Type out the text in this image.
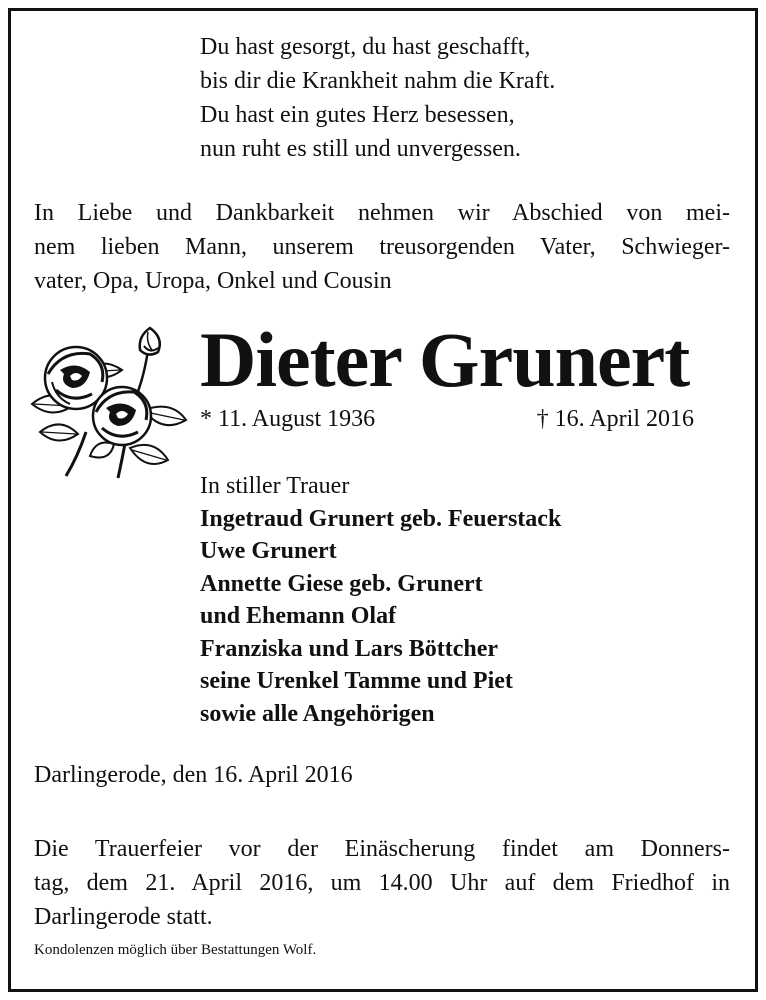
Du hast gesorgt, du hast geschafft,
bis dir die Krankheit nahm die Kraft.
Du hast ein gutes Herz besessen,
nun ruht es still und unvergessen.
In Liebe und Dankbarkeit nehmen wir Abschied von mei-
nem lieben Mann, unserem treusorgenden Vater, Schwieger-
vater, Opa, Uropa, Onkel und Cousin
Dieter Grunert
* 11. August 1936	† 16. April 2016
In stiller Trauer
Ingetraud Grunert geb. Feuerstack
Uwe Grunert
Annette Giese geb. Grunert
und Ehemann Olaf
Franziska und Lars Böttcher
seine Urenkel Tamme und Piet
sowie alle Angehörigen
Darlingerode, den 16. April 2016
Die Trauerfeier vor der Einäscherung findet am Donners-
tag, dem 21. April 2016, um 14.00 Uhr auf dem Friedhof in
Darlingerode statt.
Kondolenzen möglich über Bestattungen Wolf.
